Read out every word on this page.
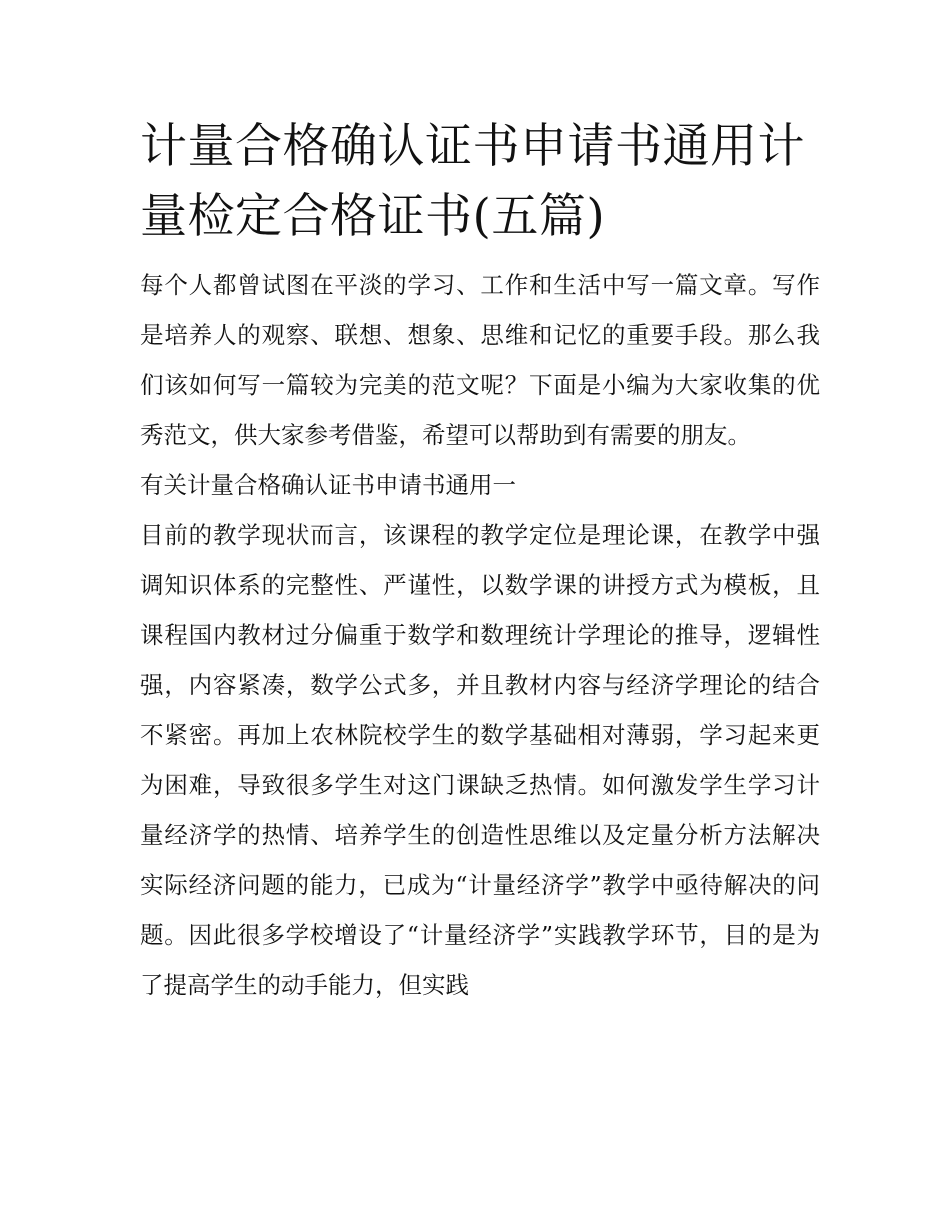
计量合格确认证书申请书通用计量检定合格证书(五篇)

每个人都曾试图在平淡的学习、工作和生活中写一篇文章。写作是培养人的观察、联想、想象、思维和记忆的重要手段。那么我们该如何写一篇较为完美的范文呢？下面是小编为大家收集的优秀范文，供大家参考借鉴，希望可以帮助到有需要的朋友。

有关计量合格确认证书申请书通用一

目前的教学现状而言，该课程的教学定位是理论课，在教学中强调知识体系的完整性、严谨性，以数学课的讲授方式为模板，且课程国内教材过分偏重于数学和数理统计学理论的推导，逻辑性强，内容紧凑，数学公式多，并且教材内容与经济学理论的结合不紧密。再加上农林院校学生的数学基础相对薄弱，学习起来更为困难，导致很多学生对这门课缺乏热情。如何激发学生学习计量经济学的热情、培养学生的创造性思维以及定量分析方法解决实际经济问题的能力，已成为“计量经济学”教学中亟待解决的问题。因此很多学校增设了“计量经济学”实践教学环节，目的是为了提高学生的动手能力，但实践
